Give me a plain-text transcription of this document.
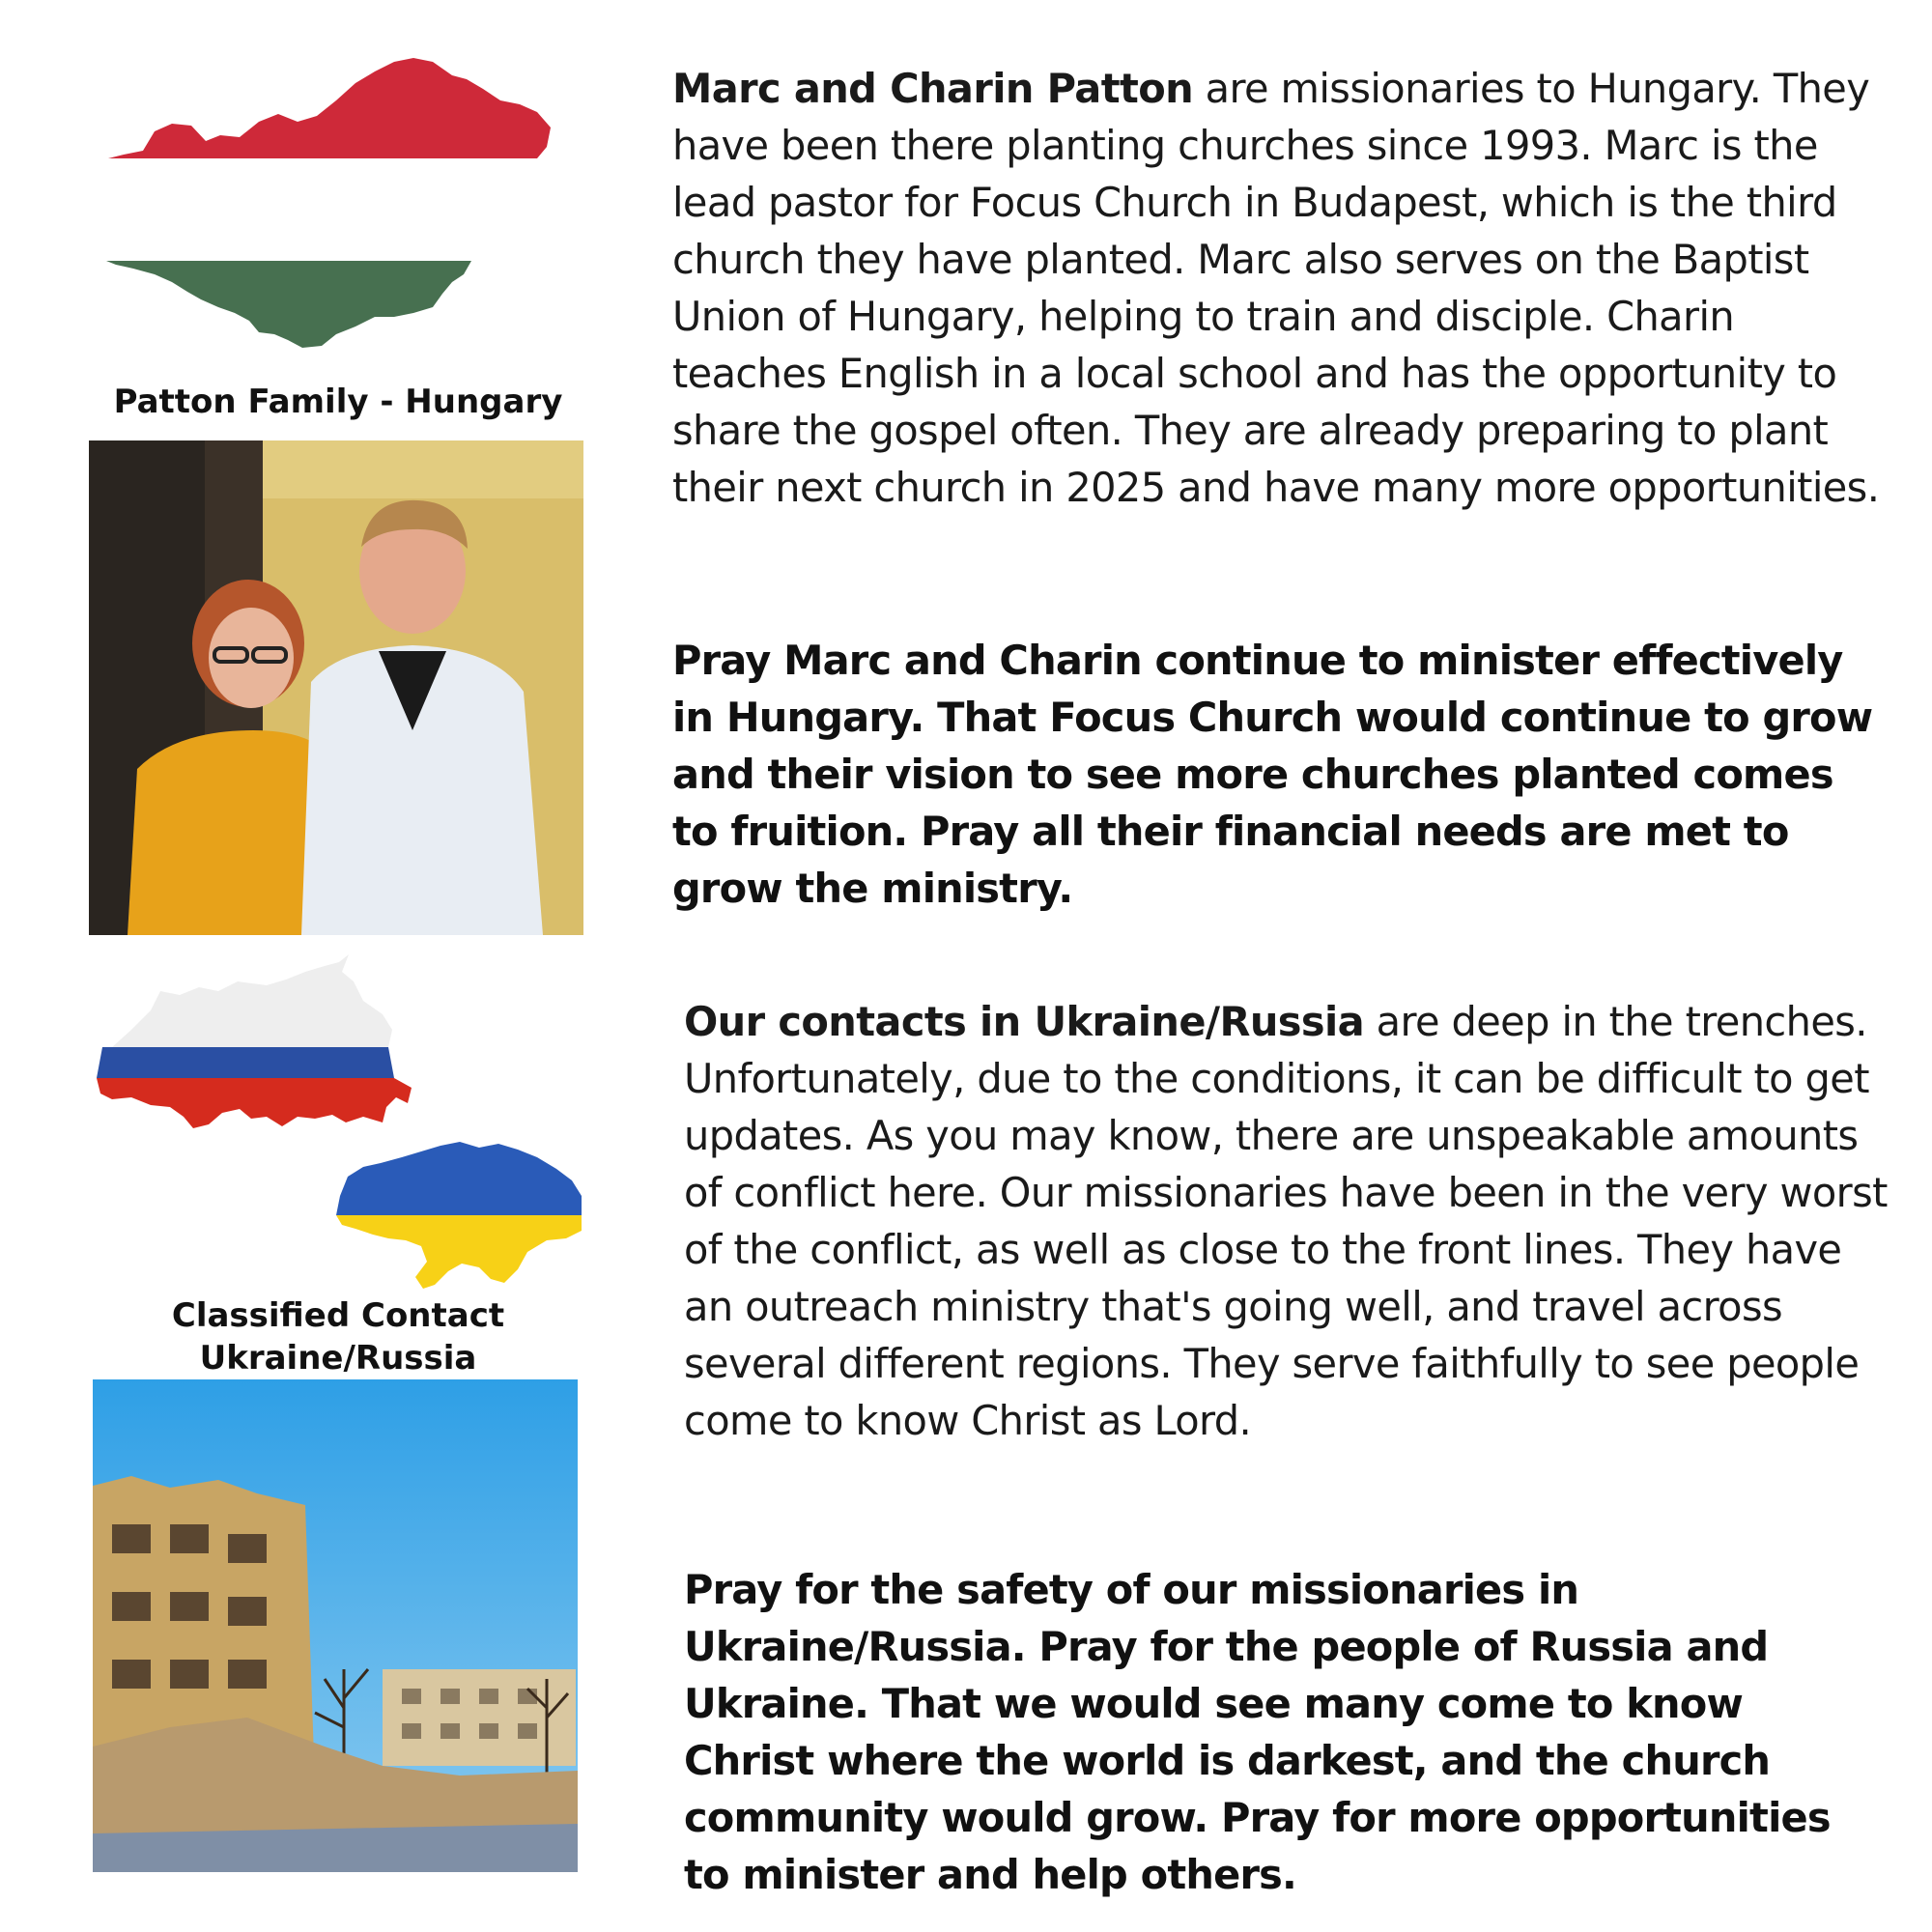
Patton Family - Hungary
Marc and Charin Patton are missionaries to Hungary. They have been there planting churches since 1993. Marc is the lead pastor for Focus Church in Budapest, which is the third church they have planted. Marc also serves on the Baptist Union of Hungary, helping to train and disciple. Charin teaches English in a local school and has the opportunity to share the gospel often. They are already preparing to plant their next church in 2025 and have many more opportunities.
Pray Marc and Charin continue to minister effectively in Hungary. That Focus Church would continue to grow and their vision to see more churches planted comes to fruition. Pray all their financial needs are met to grow the ministry.
Classified Contact
Ukraine/Russia
Our contacts in Ukraine/Russia are deep in the trenches. Unfortunately, due to the conditions, it can be difficult to get updates. As you may know, there are unspeakable amounts of conflict here. Our missionaries have been in the very worst of the conflict, as well as close to the front lines. They have an outreach ministry that's going well, and travel across several different regions. They serve faithfully to see people come to know Christ as Lord.
Pray for the safety of our missionaries in Ukraine/Russia. Pray for the people of Russia and Ukraine. That we would see many come to know Christ where the world is darkest, and the church community would grow. Pray for more opportunities to minister and help others.
